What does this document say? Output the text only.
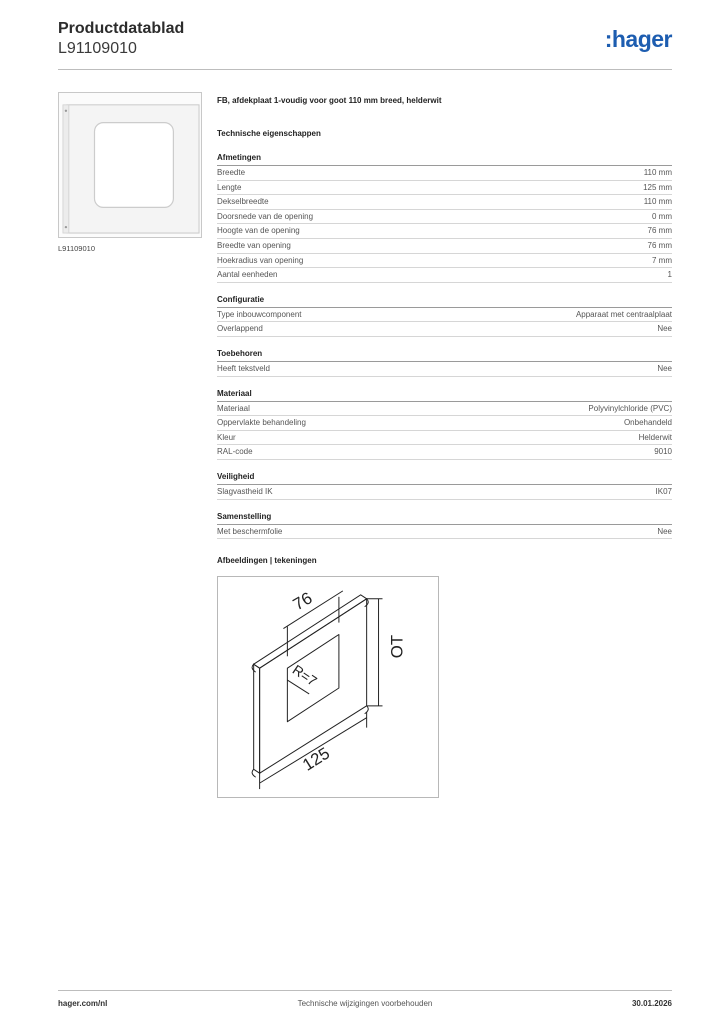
Productdatablad
L91109010	:hager
L91109010
FB, afdekplaat 1-voudig voor goot 110 mm breed, helderwit
Technische eigenschappen
Afmetingen
Breedte	110 mm
Lengte	125 mm
Dekselbreedte	110 mm
Doorsnede van de opening	0 mm
Hoogte van de opening	76 mm
Breedte van opening	76 mm
Hoekradius van opening	7 mm
Aantal eenheden	1
Configuratie
Type inbouwcomponent	Apparaat met centraalplaat
Overlappend	Nee
Toebehoren
Heeft tekstveld	Nee
Materiaal
Materiaal	Polyvinylchloride (PVC)
Oppervlakte behandeling	Onbehandeld
Kleur	Helderwit
RAL-code	9010
Veiligheid
Slagvastheid IK	IK07
Samenstelling
Met beschermfolie	Nee
Afbeeldingen | tekeningen
76
OT
R=7
125
hager.com/nl	Technische wijzigingen voorbehouden	30.01.2026
